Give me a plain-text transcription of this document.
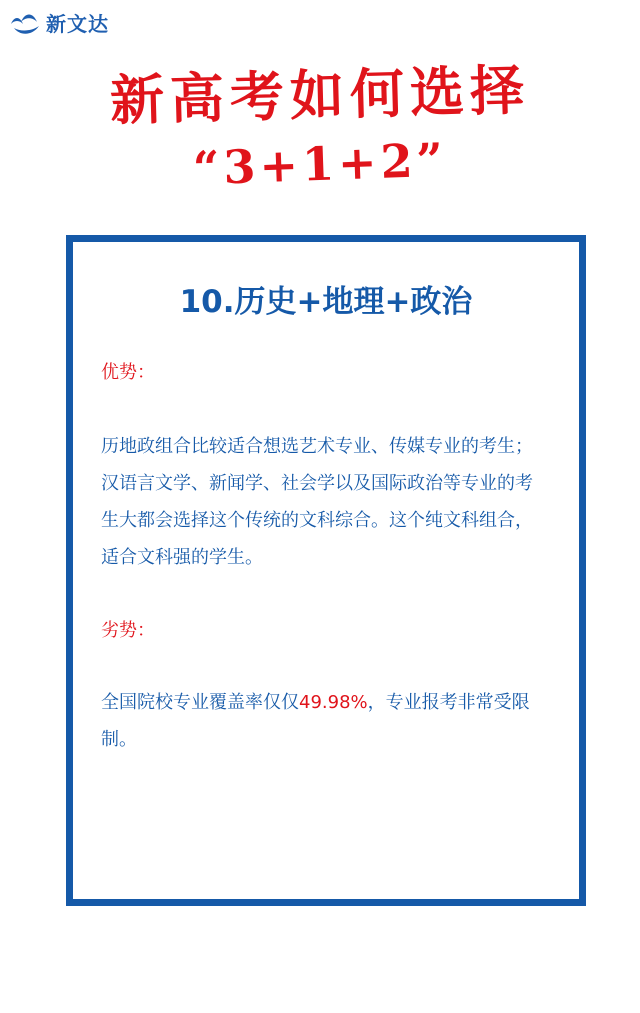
新文达
新高考如何选择
“3+1+2”
10.历史+地理+政治
优势：
历地政组合比较适合想选艺术专业、传媒专业的考生；
汉语言文学、新闻学、社会学以及国际政治等专业的考
生大都会选择这个传统的文科综合。这个纯文科组合，
适合文科强的学生。
劣势：
全国院校专业覆盖率仅仅49.98%，专业报考非常受限
制。
